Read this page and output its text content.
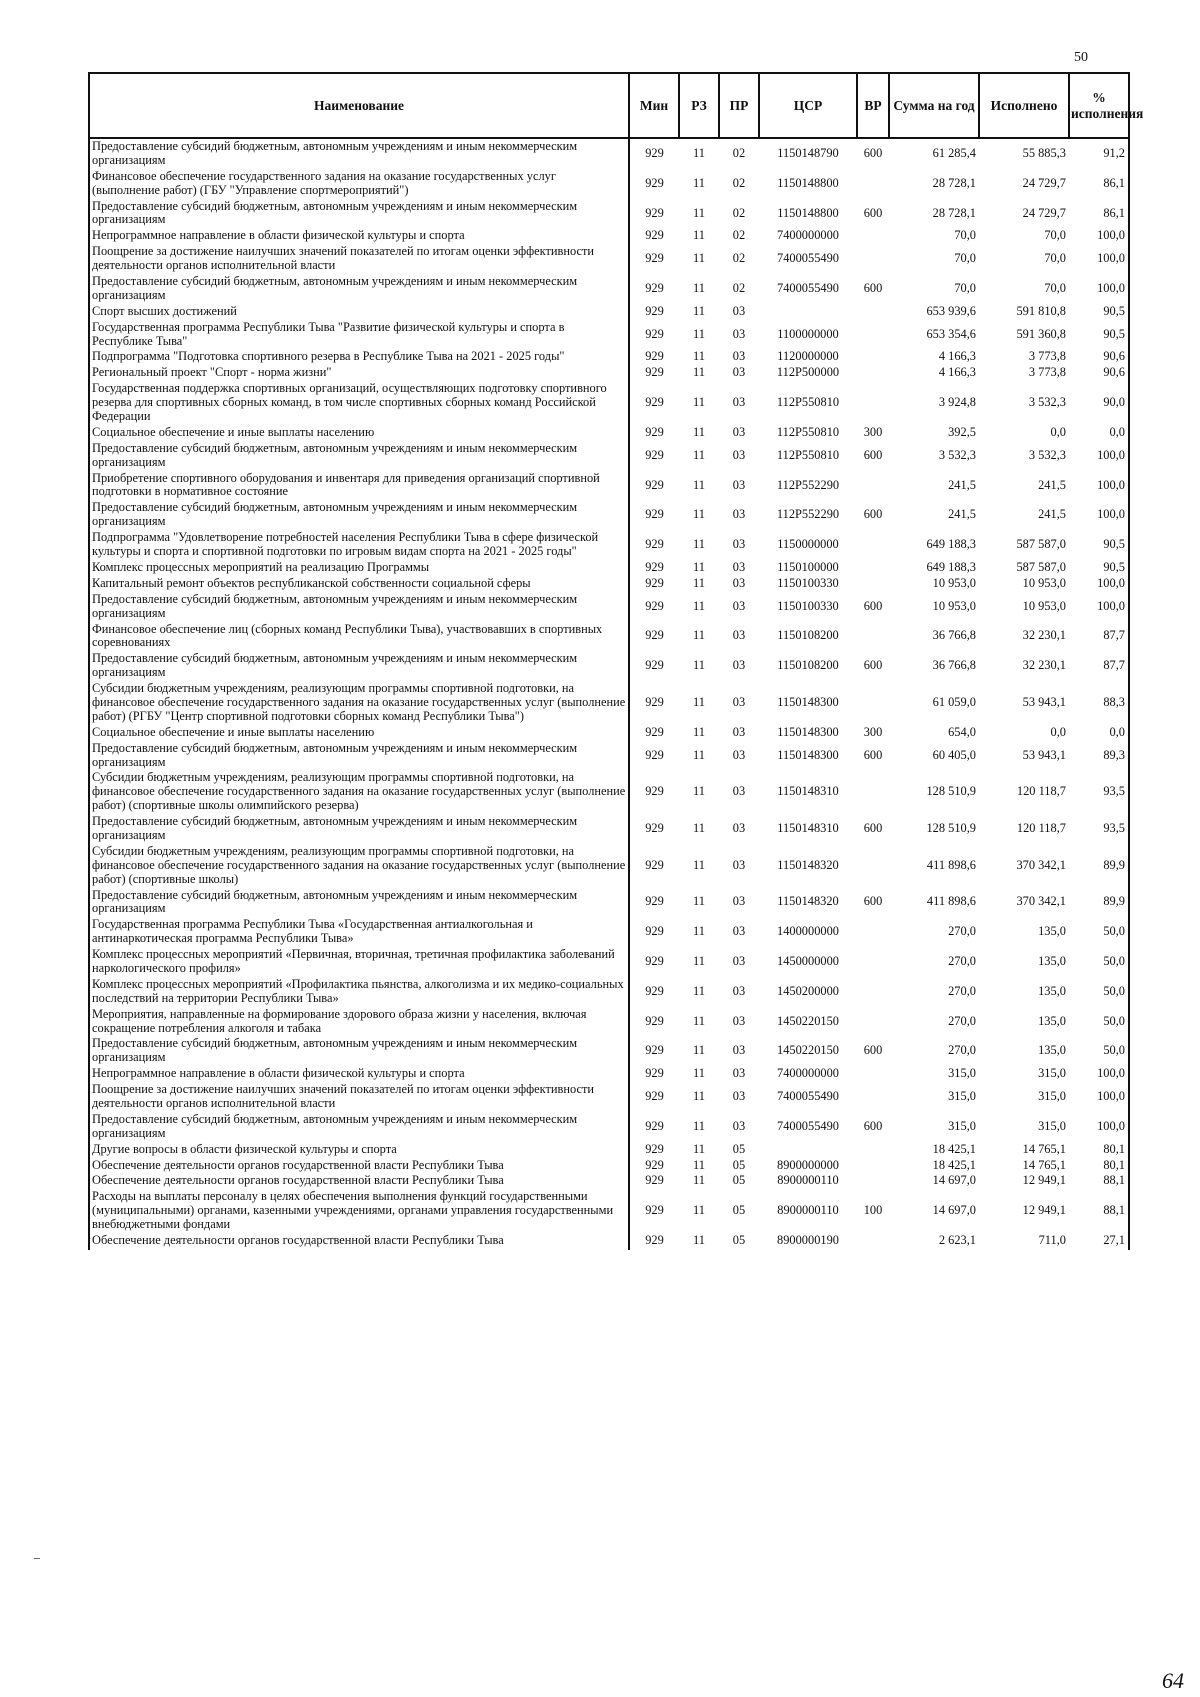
50
Наименование	Мин	РЗ	ПР	ЦСР	ВР	Сумма на год	Исполнено	% исполнения
Предоставление субсидий бюджетным, автономным учреждениям и иным некоммерческим организациям	929	11	02	1150148790	600	61 285,4	55 885,3	91,2
Финансовое обеспечение государственного задания на оказание государственных услуг (выполнение работ) (ГБУ "Управление спортмероприятий")	929	11	02	1150148800		28 728,1	24 729,7	86,1
Предоставление субсидий бюджетным, автономным учреждениям и иным некоммерческим организациям	929	11	02	1150148800	600	28 728,1	24 729,7	86,1
Непрограммное направление в области физической культуры и спорта	929	11	02	7400000000		70,0	70,0	100,0
Поощрение за достижение наилучших значений показателей по итогам оценки эффективности деятельности органов исполнительной власти	929	11	02	7400055490		70,0	70,0	100,0
Предоставление субсидий бюджетным, автономным учреждениям и иным некоммерческим организациям	929	11	02	7400055490	600	70,0	70,0	100,0
Спорт высших достижений	929	11	03			653 939,6	591 810,8	90,5
Государственная программа Республики Тыва "Развитие физической культуры и спорта в Республике Тыва"	929	11	03	1100000000		653 354,6	591 360,8	90,5
Подпрограмма "Подготовка спортивного резерва в Республике Тыва на 2021 - 2025 годы"	929	11	03	1120000000		4 166,3	3 773,8	90,6
Региональный проект "Спорт - норма жизни"	929	11	03	112P500000		4 166,3	3 773,8	90,6
Государственная поддержка спортивных организаций, осуществляющих подготовку спортивного резерва для спортивных сборных команд, в том числе спортивных сборных команд Российской Федерации	929	11	03	112P550810		3 924,8	3 532,3	90,0
Социальное обеспечение и иные выплаты населению	929	11	03	112P550810	300	392,5	0,0	0,0
Предоставление субсидий бюджетным, автономным учреждениям и иным некоммерческим организациям	929	11	03	112P550810	600	3 532,3	3 532,3	100,0
Приобретение спортивного оборудования и инвентаря для приведения организаций спортивной подготовки в нормативное состояние	929	11	03	112P552290		241,5	241,5	100,0
Предоставление субсидий бюджетным, автономным учреждениям и иным некоммерческим организациям	929	11	03	112P552290	600	241,5	241,5	100,0
Подпрограмма "Удовлетворение потребностей населения Республики Тыва в сфере физической культуры и спорта и спортивной подготовки по игровым видам спорта на 2021 - 2025 годы"	929	11	03	1150000000		649 188,3	587 587,0	90,5
Комплекс процессных мероприятий на реализацию Программы	929	11	03	1150100000		649 188,3	587 587,0	90,5
Капитальный ремонт объектов республиканской собственности социальной сферы	929	11	03	1150100330		10 953,0	10 953,0	100,0
Предоставление субсидий бюджетным, автономным учреждениям и иным некоммерческим организациям	929	11	03	1150100330	600	10 953,0	10 953,0	100,0
Финансовое обеспечение лиц (сборных команд Республики Тыва), участвовавших в спортивных соревнованиях	929	11	03	1150108200		36 766,8	32 230,1	87,7
Предоставление субсидий бюджетным, автономным учреждениям и иным некоммерческим организациям	929	11	03	1150108200	600	36 766,8	32 230,1	87,7
Субсидии бюджетным учреждениям, реализующим программы спортивной подготовки, на финансовое обеспечение государственного задания на оказание государственных услуг (выполнение работ) (РГБУ "Центр спортивной подготовки сборных команд Республики Тыва")	929	11	03	1150148300		61 059,0	53 943,1	88,3
Социальное обеспечение и иные выплаты населению	929	11	03	1150148300	300	654,0	0,0	0,0
Предоставление субсидий бюджетным, автономным учреждениям и иным некоммерческим организациям	929	11	03	1150148300	600	60 405,0	53 943,1	89,3
Субсидии бюджетным учреждениям, реализующим программы спортивной подготовки, на финансовое обеспечение государственного задания на оказание государственных услуг (выполнение работ) (спортивные школы олимпийского резерва)	929	11	03	1150148310		128 510,9	120 118,7	93,5
Предоставление субсидий бюджетным, автономным учреждениям и иным некоммерческим организациям	929	11	03	1150148310	600	128 510,9	120 118,7	93,5
Субсидии бюджетным учреждениям, реализующим программы спортивной подготовки, на финансовое обеспечение государственного задания на оказание государственных услуг (выполнение работ) (спортивные школы)	929	11	03	1150148320		411 898,6	370 342,1	89,9
Предоставление субсидий бюджетным, автономным учреждениям и иным некоммерческим организациям	929	11	03	1150148320	600	411 898,6	370 342,1	89,9
Государственная программа Республики Тыва «Государственная антиалкогольная и антинаркотическая программа Республики Тыва»	929	11	03	1400000000		270,0	135,0	50,0
Комплекс процессных мероприятий «Первичная, вторичная, третичная профилактика заболеваний наркологического профиля»	929	11	03	1450000000		270,0	135,0	50,0
Комплекс процессных мероприятий «Профилактика пьянства, алкоголизма и их медико-социальных последствий на территории Республики Тыва»	929	11	03	1450200000		270,0	135,0	50,0
Мероприятия, направленные на формирование здорового образа жизни у населения, включая сокращение потребления алкоголя и табака	929	11	03	1450220150		270,0	135,0	50,0
Предоставление субсидий бюджетным, автономным учреждениям и иным некоммерческим организациям	929	11	03	1450220150	600	270,0	135,0	50,0
Непрограммное направление в области физической культуры и спорта	929	11	03	7400000000		315,0	315,0	100,0
Поощрение за достижение наилучших значений показателей по итогам оценки эффективности деятельности органов исполнительной власти	929	11	03	7400055490		315,0	315,0	100,0
Предоставление субсидий бюджетным, автономным учреждениям и иным некоммерческим организациям	929	11	03	7400055490	600	315,0	315,0	100,0
Другие вопросы в области физической культуры и спорта	929	11	05			18 425,1	14 765,1	80,1
Обеспечение деятельности органов государственной власти Республики Тыва	929	11	05	8900000000		18 425,1	14 765,1	80,1
Обеспечение деятельности органов государственной власти Республики Тыва	929	11	05	8900000110		14 697,0	12 949,1	88,1
Расходы на выплаты персоналу в целях обеспечения выполнения функций государственными (муниципальными) органами, казенными учреждениями, органами управления государственными внебюджетными фондами	929	11	05	8900000110	100	14 697,0	12 949,1	88,1
Обеспечение деятельности органов государственной власти Республики Тыва	929	11	05	8900000190		2 623,1	711,0	27,1
64
